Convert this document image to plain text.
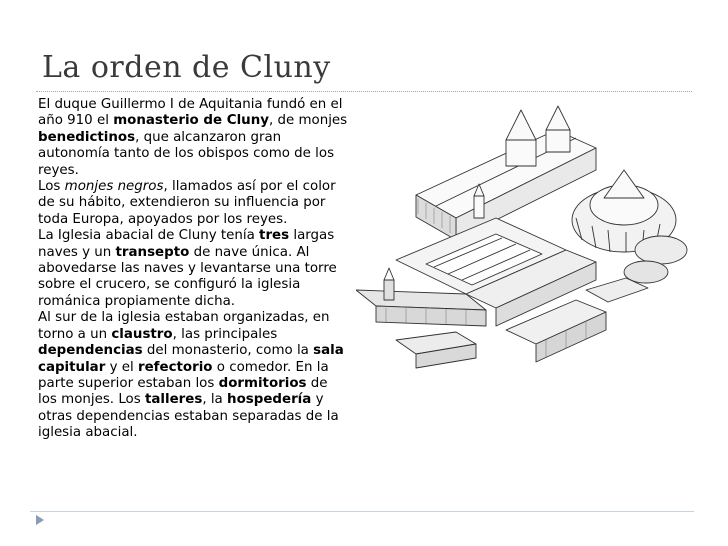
La orden de Cluny

El duque Guillermo I de Aquitania fundó en el año 910 el monasterio de Cluny, de monjes benedictinos, que alcanzaron gran autonomía tanto de los obispos como de los reyes.

Los monjes negros, llamados así por el color de su hábito, extendieron su influencia por toda Europa, apoyados por los reyes.

La Iglesia abacial de Cluny tenía tres largas naves y un transepto de nave única. Al abovedarse las naves y levantarse una torre sobre el crucero, se configuró la iglesia románica propiamente dicha.

Al sur de la iglesia estaban organizadas, en torno a un claustro, las principales dependencias del monasterio, como la sala capitular y el refectorio o comedor. En la parte superior estaban los dormitorios de los monjes. Los talleres, la hospedería y otras dependencias estaban separadas de la iglesia abacial.
